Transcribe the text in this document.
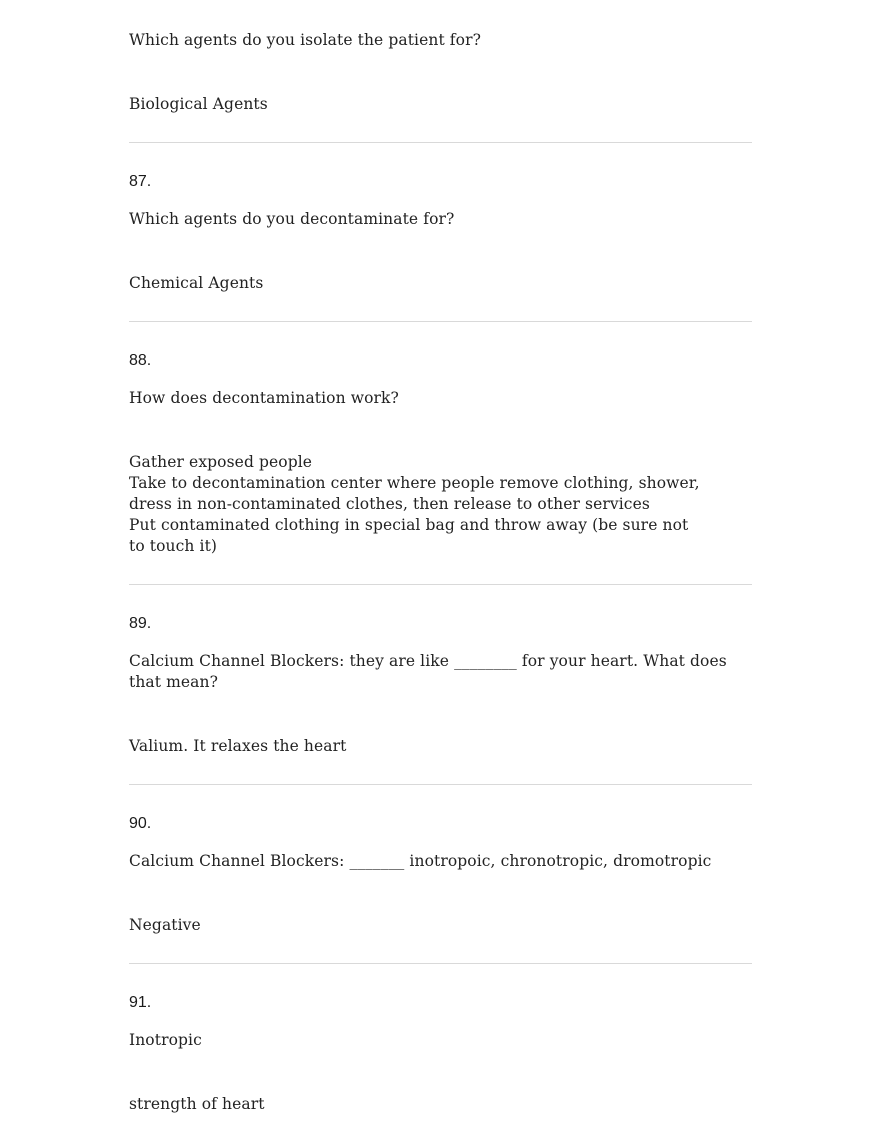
Which agents do you isolate the patient for?
Biological Agents
87.
Which agents do you decontaminate for?
Chemical Agents
88.
How does decontamination work?
Gather exposed people
Take to decontamination center where people remove clothing, shower,
dress in non-contaminated clothes, then release to other services
Put contaminated clothing in special bag and throw away (be sure not
to touch it)
89.
Calcium Channel Blockers: they are like ________ for your heart. What does
that mean?
Valium. It relaxes the heart
90.
Calcium Channel Blockers: _______ inotropoic, chronotropic, dromotropic
Negative
91.
Inotropic
strength of heart
